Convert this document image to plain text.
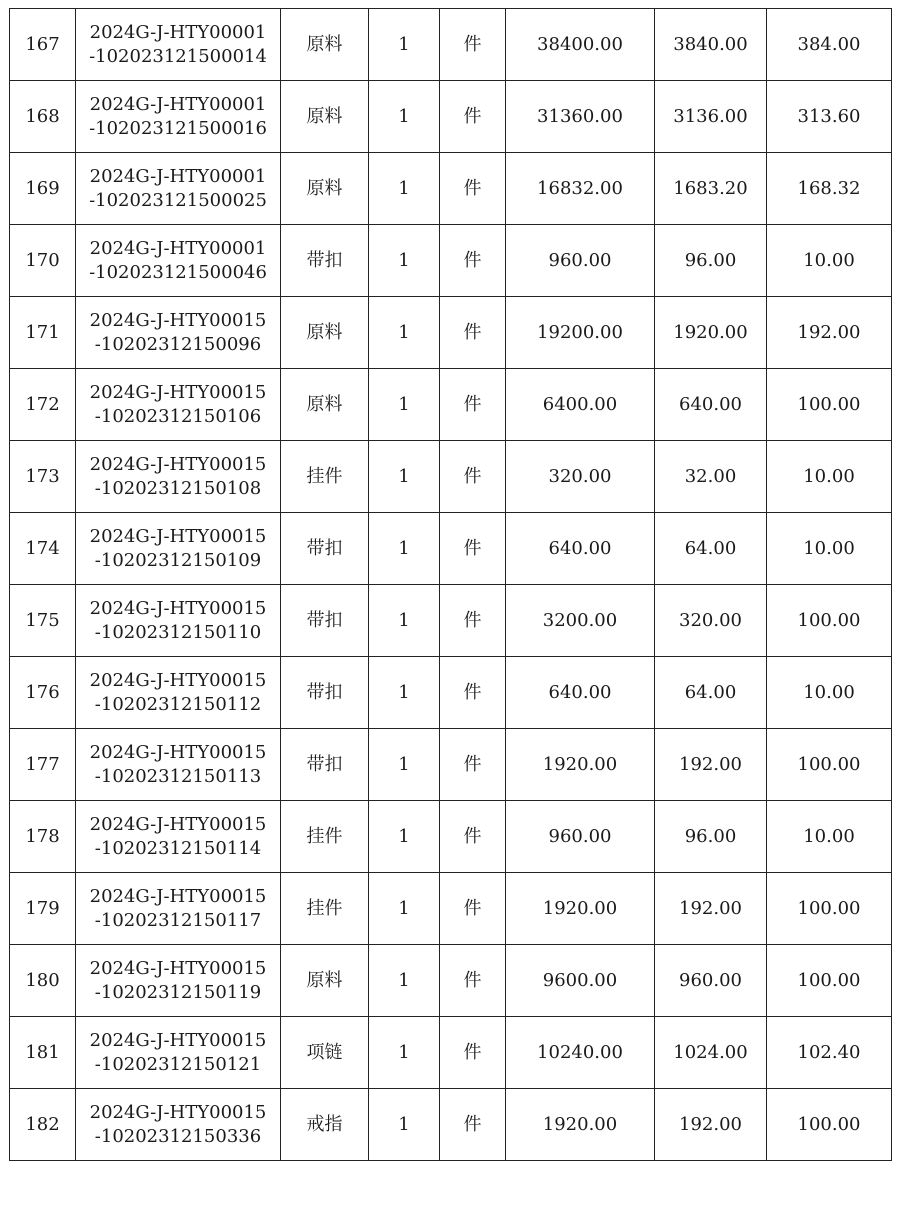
167	2024G-J-HTY00001
-102023121500014	原料	1	件	38400.00	3840.00	384.00
168	2024G-J-HTY00001
-102023121500016	原料	1	件	31360.00	3136.00	313.60
169	2024G-J-HTY00001
-102023121500025	原料	1	件	16832.00	1683.20	168.32
170	2024G-J-HTY00001
-102023121500046	带扣	1	件	960.00	96.00	10.00
171	2024G-J-HTY00015
-10202312150096	原料	1	件	19200.00	1920.00	192.00
172	2024G-J-HTY00015
-10202312150106	原料	1	件	6400.00	640.00	100.00
173	2024G-J-HTY00015
-10202312150108	挂件	1	件	320.00	32.00	10.00
174	2024G-J-HTY00015
-10202312150109	带扣	1	件	640.00	64.00	10.00
175	2024G-J-HTY00015
-10202312150110	带扣	1	件	3200.00	320.00	100.00
176	2024G-J-HTY00015
-10202312150112	带扣	1	件	640.00	64.00	10.00
177	2024G-J-HTY00015
-10202312150113	带扣	1	件	1920.00	192.00	100.00
178	2024G-J-HTY00015
-10202312150114	挂件	1	件	960.00	96.00	10.00
179	2024G-J-HTY00015
-10202312150117	挂件	1	件	1920.00	192.00	100.00
180	2024G-J-HTY00015
-10202312150119	原料	1	件	9600.00	960.00	100.00
181	2024G-J-HTY00015
-10202312150121	项链	1	件	10240.00	1024.00	102.40
182	2024G-J-HTY00015
-10202312150336	戒指	1	件	1920.00	192.00	100.00
